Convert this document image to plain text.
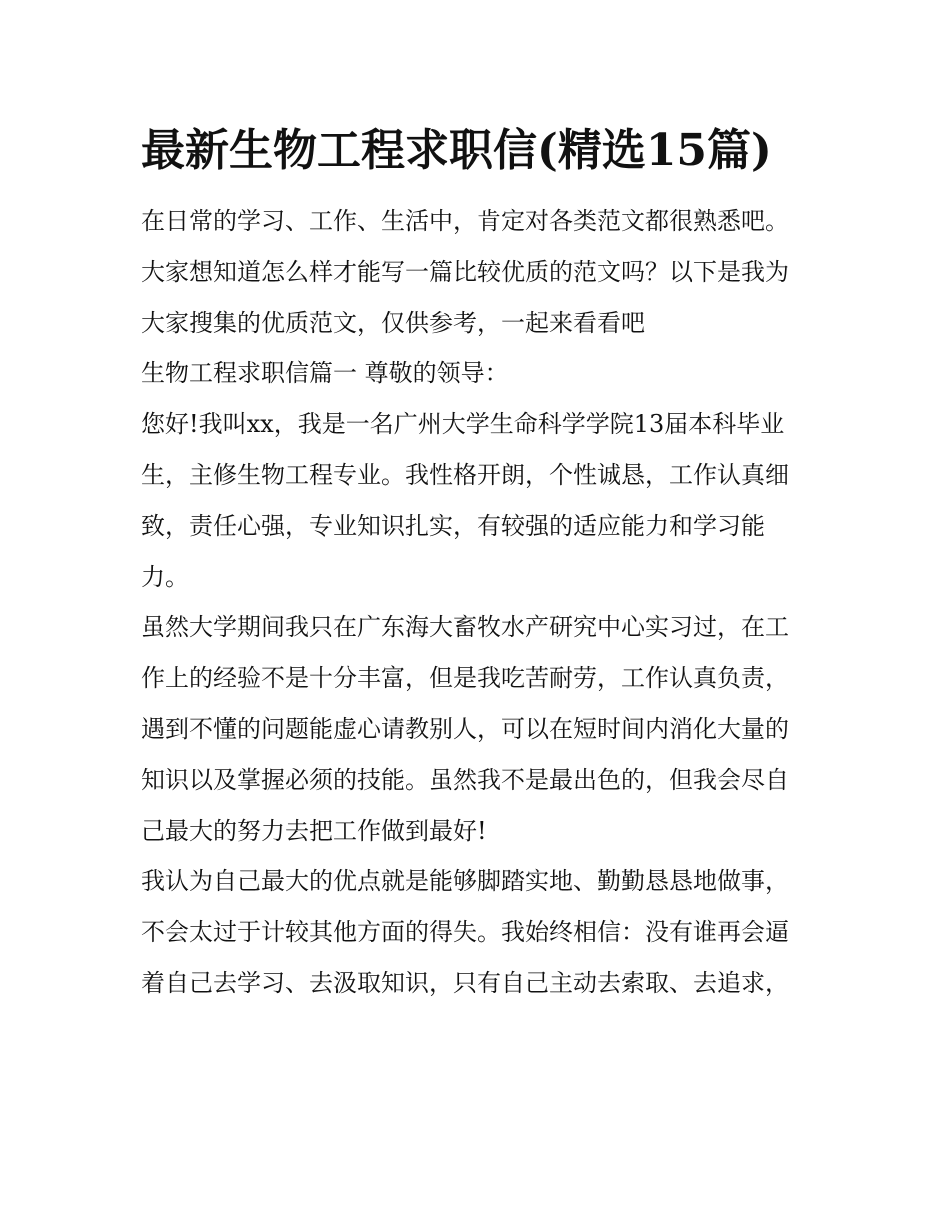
最新生物工程求职信(精选15篇)

在日常的学习、工作、生活中，肯定对各类范文都很熟悉吧。大家想知道怎么样才能写一篇比较优质的范文吗？以下是我为大家搜集的优质范文，仅供参考，一起来看看吧

生物工程求职信篇一 尊敬的领导：

您好!我叫xx，我是一名广州大学生命科学学院13届本科毕业生，主修生物工程专业。我性格开朗，个性诚恳，工作认真细致，责任心强，专业知识扎实，有较强的适应能力和学习能力。

虽然大学期间我只在广东海大畜牧水产研究中心实习过，在工作上的经验不是十分丰富，但是我吃苦耐劳，工作认真负责，遇到不懂的问题能虚心请教别人，可以在短时间内消化大量的知识以及掌握必须的技能。虽然我不是最出色的，但我会尽自己最大的努力去把工作做到最好!

我认为自己最大的优点就是能够脚踏实地、勤勤恳恳地做事，不会太过于计较其他方面的得失。我始终相信：没有谁再会逼着自己去学习、去汲取知识，只有自己主动去索取、去追求，
